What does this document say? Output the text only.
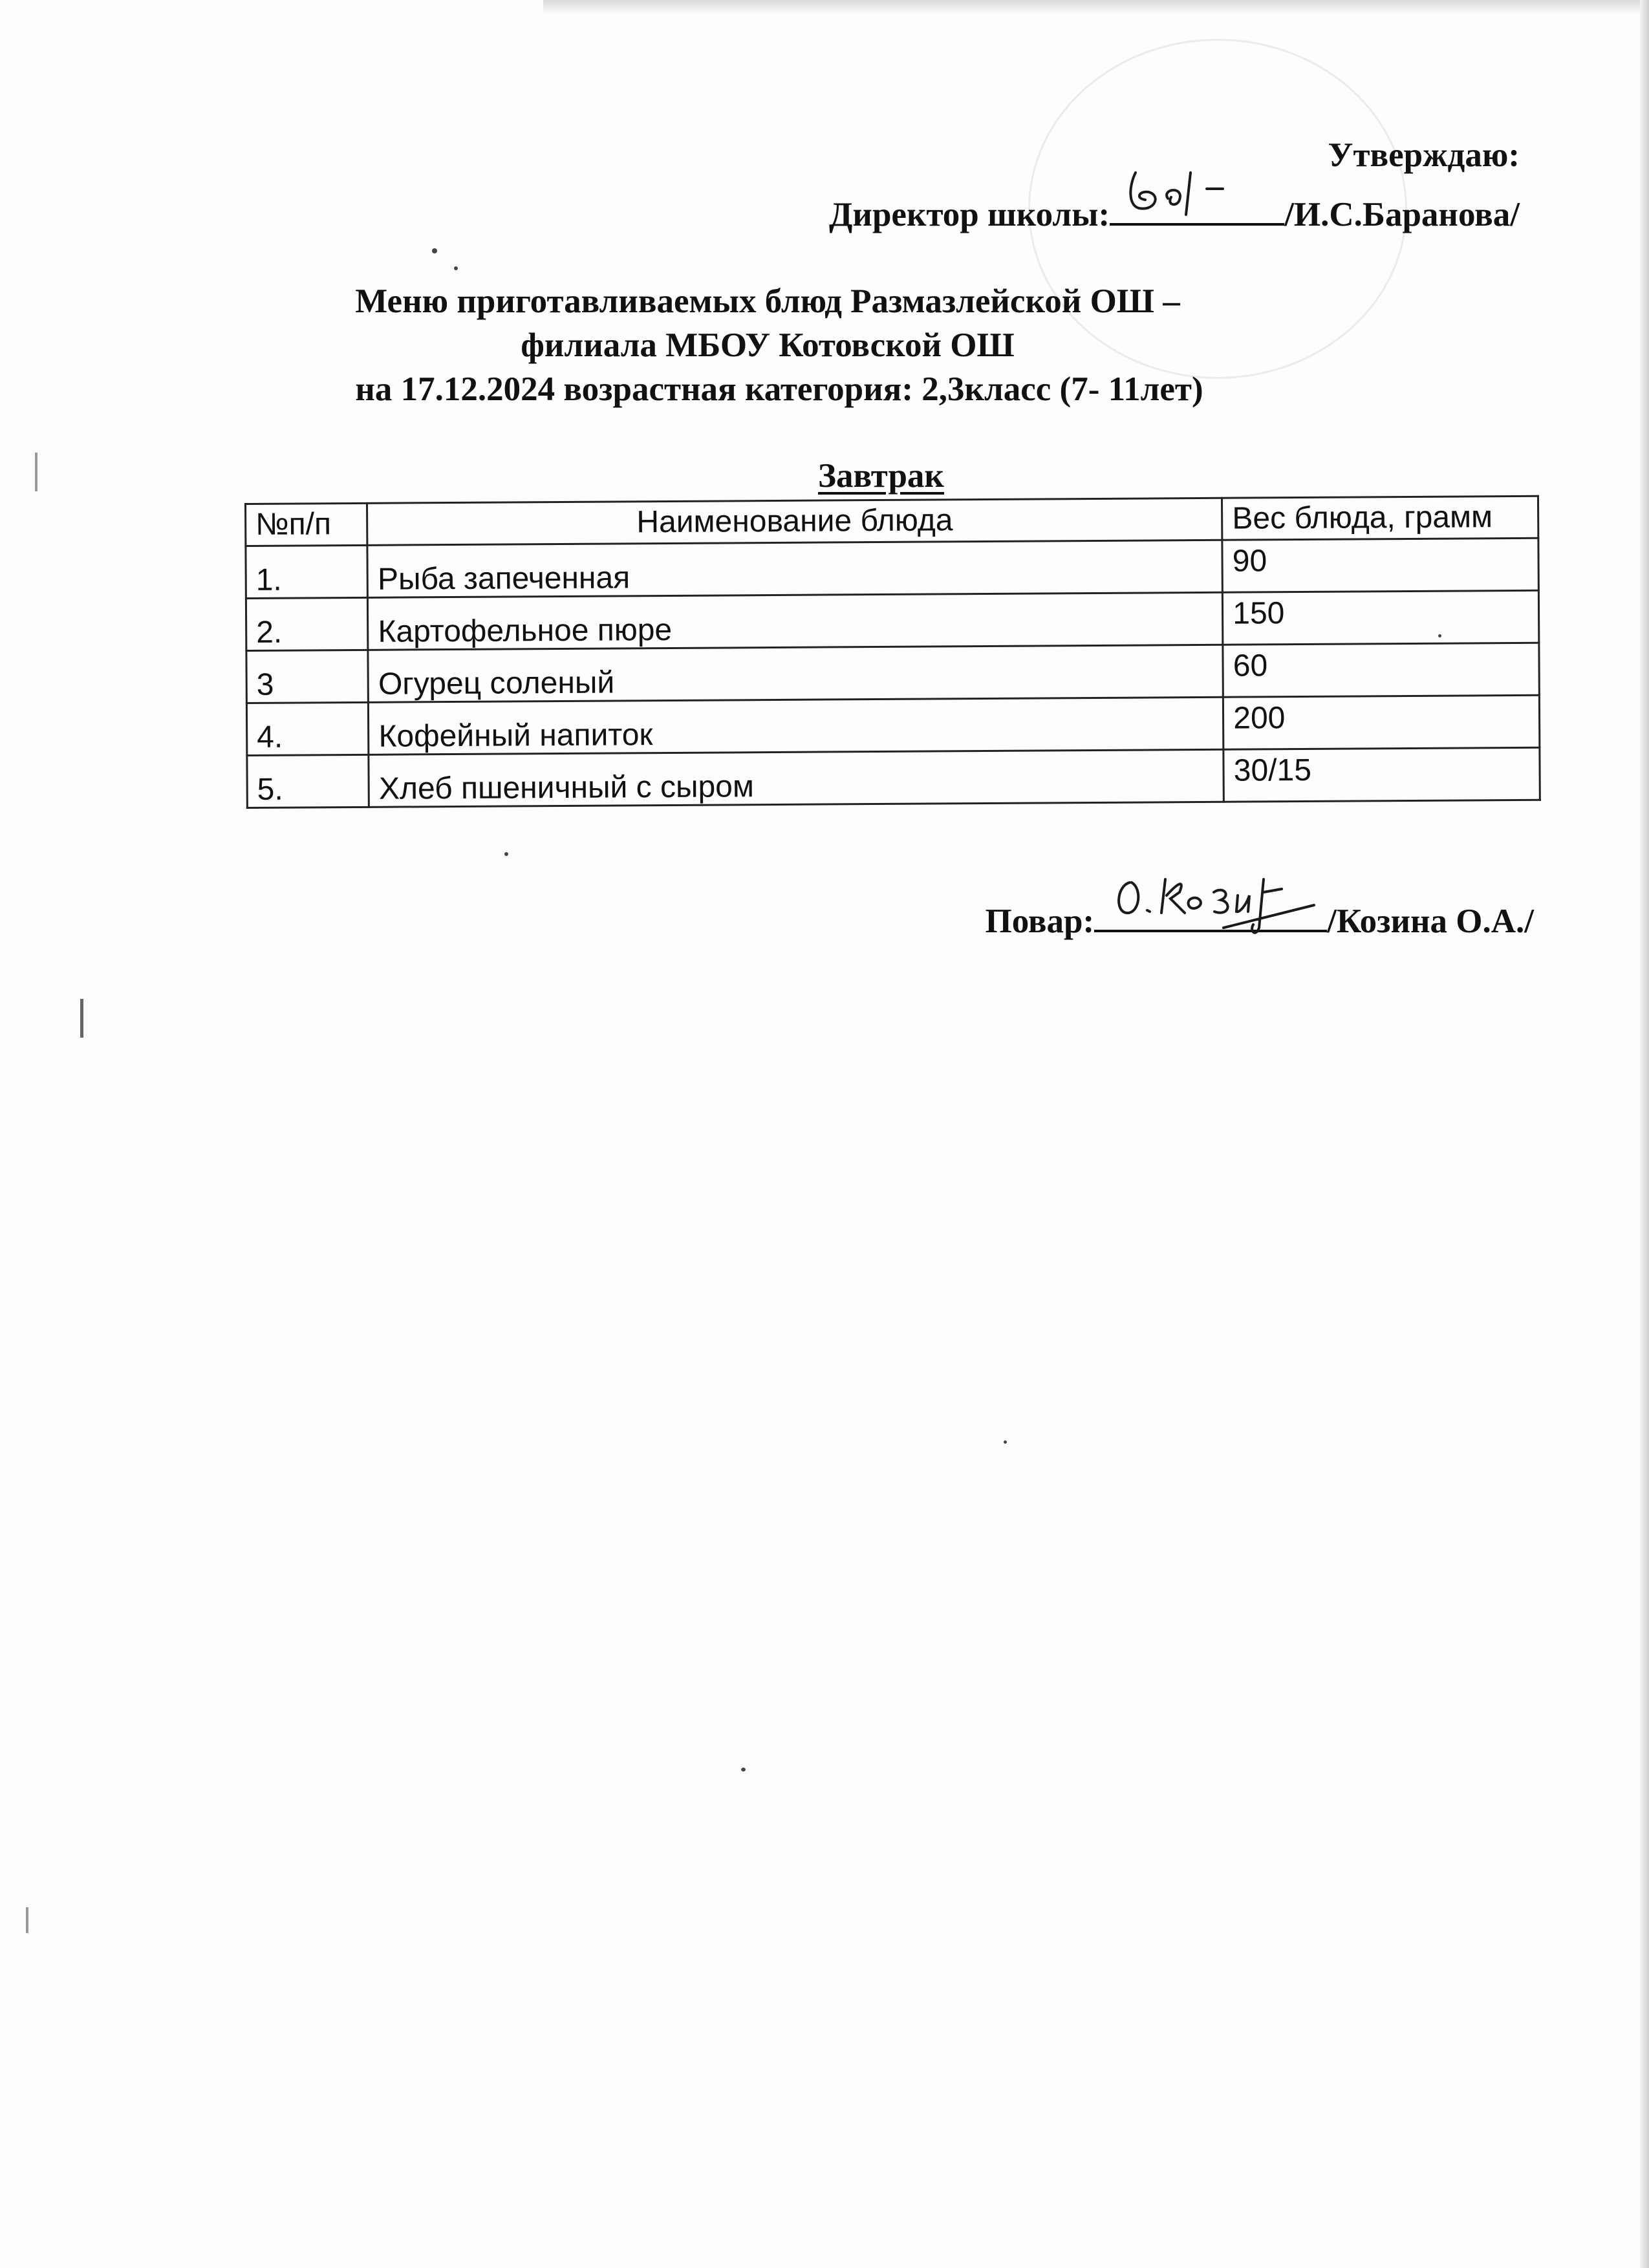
Утверждаю:
Директор школы:	/И.С.Баранова/
Меню приготавливаемых блюд Размазлейской ОШ –
филиала МБОУ Котовской ОШ
на 17.12.2024 возрастная категория: 2,3класс (7- 11лет)
Завтрак
№п/п	Наименование блюда	Вес блюда, грамм
1.	Рыба запеченная	90
2.	Картофельное пюре	150
3	Огурец соленый	60
4.	Кофейный напиток	200
5.	Хлеб пшеничный с сыром	30/15
Повар:	/Козина О.А./
